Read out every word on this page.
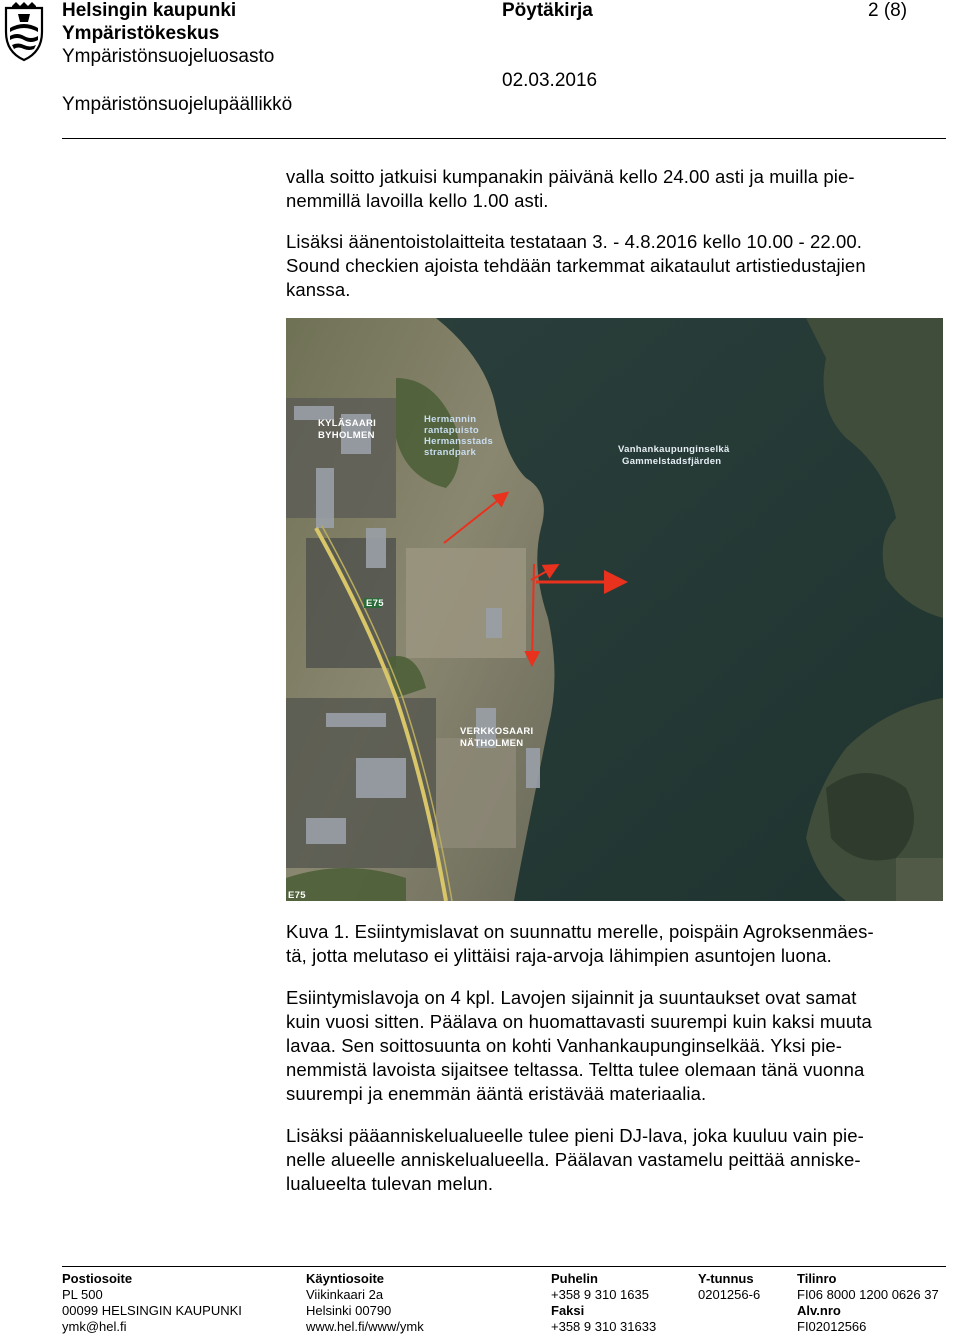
Helsingin kaupunki
Ympäristökeskus
Ympäristönsuojeluosasto
Pöytäkirja	2 (8)
02.03.2016
Ympäristönsuojelupäällikkö

valla soitto jatkuisi kumpanakin päivänä kello 24.00 asti ja muilla pie-

nemmillä lavoilla kello 1.00 asti.

Lisäksi äänentoistolaitteita testataan 3. - 4.8.2016 kello 10.00 - 22.00.

Sound checkien ajoista tehdään tarkemmat aikataulut artistiedustajien

kanssa.

E75
KYLÄSAARI BYHOLMEN
Hermannin rantapuisto Hermansstads strandpark	Vanhankaupunginselkä Gammelstadsfjärden
VERKKOSAARI NÄTHOLMEN
E75

Kuva 1. Esiintymislavat on suunnattu merelle, poispäin Agroksenmäes-

tä, jotta melutaso ei ylittäisi raja-arvoja lähimpien asuntojen luona.

Esiintymislavoja on 4 kpl. Lavojen sijainnit ja suuntaukset ovat samat

kuin vuosi sitten. Päälava on huomattavasti suurempi kuin kaksi muuta

lavaa. Sen soittosuunta on kohti Vanhankaupunginselkää. Yksi pie-

nemmistä lavoista sijaitsee teltassa. Teltta tulee olemaan tänä vuonna

suurempi ja enemmän ääntä eristävää materiaalia.

Lisäksi pääanniskelualueelle tulee pieni DJ-lava, joka kuuluu vain pie-

nelle alueelle anniskelualueella. Päälavan vastamelu peittää anniske-

lualueelta tulevan melun.

Postiosoite
PL 500
00099 HELSINGIN KAUPUNKI
ymk@hel.fi
Käyntiosoite
Viikinkaari 2a
Helsinki 00790
www.hel.fi/www/ymk
Puhelin
+358 9 310 1635
Faksi
+358 9 310 31633
Y-tunnus
0201256-6
Tilinro
FI06 8000 1200 0626 37
Alv.nro
FI02012566
